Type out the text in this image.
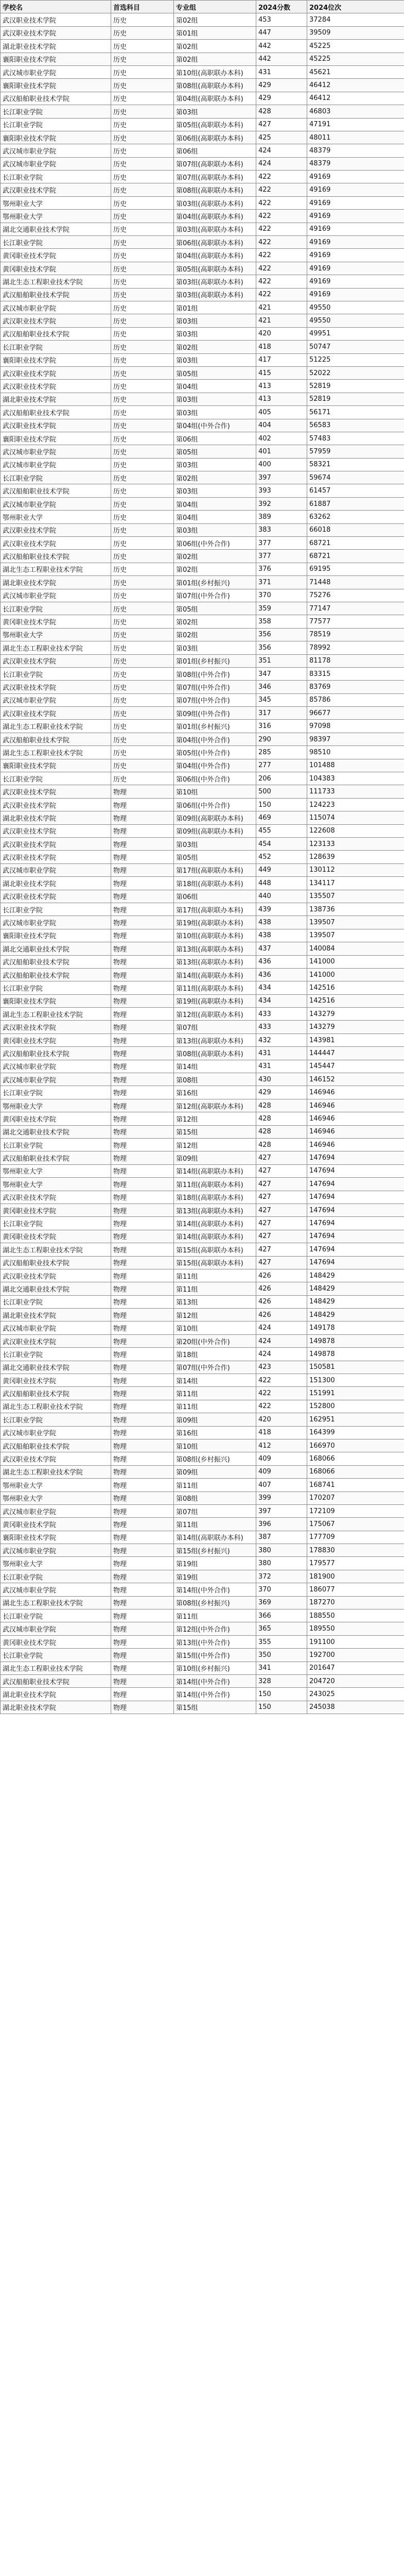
学校名	首选科目	专业组	2024分数	2024位次
武汉职业技术学院	历史	第02组	453	37284
武汉职业技术学院	历史	第01组	447	39509
湖北职业技术学院	历史	第02组	442	45225
襄阳职业技术学院	历史	第02组	442	45225
武汉城市职业学院	历史	第10组(高职联办本科)	431	45621
襄阳职业技术学院	历史	第08组(高职联办本科)	429	46412
武汉船舶职业技术学院	历史	第04组(高职联办本科)	429	46412
长江职业学院	历史	第03组	428	46803
长江职业学院	历史	第05组(高职联办本科)	427	47191
襄阳职业技术学院	历史	第06组(高职联办本科)	425	48011
武汉城市职业学院	历史	第06组	424	48379
武汉城市职业学院	历史	第07组(高职联办本科)	424	48379
长江职业学院	历史	第07组(高职联办本科)	422	49169
武汉职业技术学院	历史	第08组(高职联办本科)	422	49169
鄂州职业大学	历史	第03组(高职联办本科)	422	49169
鄂州职业大学	历史	第04组(高职联办本科)	422	49169
湖北交通职业技术学院	历史	第03组(高职联办本科)	422	49169
长江职业学院	历史	第06组(高职联办本科)	422	49169
黄冈职业技术学院	历史	第04组(高职联办本科)	422	49169
黄冈职业技术学院	历史	第05组(高职联办本科)	422	49169
湖北生态工程职业技术学院	历史	第03组(高职联办本科)	422	49169
武汉船舶职业技术学院	历史	第03组(高职联办本科)	422	49169
武汉城市职业学院	历史	第01组	421	49550
武汉职业技术学院	历史	第03组	421	49550
武汉船舶职业技术学院	历史	第03组	420	49951
长江职业学院	历史	第02组	418	50747
襄阳职业技术学院	历史	第03组	417	51225
武汉职业技术学院	历史	第05组	415	52022
武汉职业技术学院	历史	第04组	413	52819
湖北职业技术学院	历史	第03组	413	52819
武汉船舶职业技术学院	历史	第03组	405	56171
武汉职业技术学院	历史	第04组(中外合作)	404	56583
襄阳职业技术学院	历史	第06组	402	57483
武汉城市职业学院	历史	第05组	401	57959
武汉城市职业学院	历史	第03组	400	58321
长江职业学院	历史	第02组	397	59674
武汉船舶职业技术学院	历史	第03组	393	61457
武汉城市职业学院	历史	第04组	392	61887
鄂州职业大学	历史	第04组	389	63262
武汉职业技术学院	历史	第03组	383	66018
武汉职业技术学院	历史	第06组(中外合作)	377	68721
武汉船舶职业技术学院	历史	第02组	377	68721
湖北生态工程职业技术学院	历史	第02组	376	69195
湖北职业技术学院	历史	第01组(乡村振兴)	371	71448
武汉城市职业学院	历史	第07组(中外合作)	370	75276
长江职业学院	历史	第05组	359	77147
黄冈职业技术学院	历史	第02组	358	77577
鄂州职业大学	历史	第02组	356	78519
湖北生态工程职业技术学院	历史	第03组	356	78992
武汉职业技术学院	历史	第01组(乡村振兴)	351	81178
长江职业学院	历史	第08组(中外合作)	347	83315
武汉职业技术学院	历史	第07组(中外合作)	346	83769
武汉城市职业学院	历史	第07组(中外合作)	345	85786
武汉职业技术学院	历史	第09组(中外合作)	317	96677
湖北生态工程职业技术学院	历史	第01组(乡村振兴)	316	97098
武汉船舶职业技术学院	历史	第04组(中外合作)	290	98397
湖北生态工程职业技术学院	历史	第05组(中外合作)	285	98510
襄阳职业技术学院	历史	第04组(中外合作)	277	101488
长江职业学院	历史	第06组(中外合作)	206	104383
武汉职业技术学院	物理	第10组	500	111733
武汉职业技术学院	物理	第06组(中外合作)	150	124223
湖北职业技术学院	物理	第09组(高职联办本科)	469	115074
武汉职业技术学院	物理	第09组(高职联办本科)	455	122608
武汉职业技术学院	物理	第03组	454	123133
武汉职业技术学院	物理	第05组	452	128639
武汉城市职业学院	物理	第17组(高职联办本科)	449	130112
湖北职业技术学院	物理	第18组(高职联办本科)	448	134117
武汉职业技术学院	物理	第06组	440	135507
长江职业学院	物理	第17组(高职联办本科)	439	138736
武汉城市职业学院	物理	第19组(高职联办本科)	438	139507
襄阳职业技术学院	物理	第10组(高职联办本科)	438	139507
湖北交通职业技术学院	物理	第13组(高职联办本科)	437	140084
武汉船舶职业技术学院	物理	第13组(高职联办本科)	436	141000
武汉船舶职业技术学院	物理	第14组(高职联办本科)	436	141000
长江职业学院	物理	第11组(高职联办本科)	434	142516
襄阳职业技术学院	物理	第19组(高职联办本科)	434	142516
湖北生态工程职业技术学院	物理	第12组(高职联办本科)	433	143279
武汉职业技术学院	物理	第07组	433	143279
黄冈职业技术学院	物理	第13组(高职联办本科)	432	143981
武汉船舶职业技术学院	物理	第08组(高职联办本科)	431	144447
武汉城市职业学院	物理	第14组	431	145447
武汉城市职业学院	物理	第08组	430	146152
长江职业学院	物理	第16组	429	146946
鄂州职业大学	物理	第12组(高职联办本科)	428	146946
黄冈职业技术学院	物理	第12组	428	146946
湖北交通职业技术学院	物理	第15组	428	146946
长江职业学院	物理	第12组	428	146946
武汉船舶职业技术学院	物理	第09组	427	147694
鄂州职业大学	物理	第14组(高职联办本科)	427	147694
鄂州职业大学	物理	第11组(高职联办本科)	427	147694
武汉职业技术学院	物理	第18组(高职联办本科)	427	147694
黄冈职业技术学院	物理	第13组(高职联办本科)	427	147694
长江职业学院	物理	第14组(高职联办本科)	427	147694
黄冈职业技术学院	物理	第14组(高职联办本科)	427	147694
湖北生态工程职业技术学院	物理	第15组(高职联办本科)	427	147694
武汉船舶职业技术学院	物理	第15组(高职联办本科)	427	147694
武汉职业技术学院	物理	第11组	426	148429
湖北交通职业技术学院	物理	第11组	426	148429
长江职业学院	物理	第13组	426	148429
湖北职业技术学院	物理	第12组	426	148429
武汉城市职业学院	物理	第10组	424	149178
武汉职业技术学院	物理	第20组(中外合作)	424	149878
长江职业学院	物理	第18组	424	149878
湖北交通职业技术学院	物理	第07组(中外合作)	423	150581
黄冈职业技术学院	物理	第14组	422	151300
武汉船舶职业技术学院	物理	第11组	422	151991
湖北生态工程职业技术学院	物理	第11组	422	152800
长江职业学院	物理	第09组	420	162951
武汉城市职业学院	物理	第16组	418	164399
武汉船舶职业技术学院	物理	第10组	412	166970
武汉职业技术学院	物理	第08组(乡村振兴)	409	168066
湖北生态工程职业技术学院	物理	第09组	409	168066
鄂州职业大学	物理	第11组	407	168741
鄂州职业大学	物理	第08组	399	170207
武汉城市职业学院	物理	第07组	397	172109
黄冈职业技术学院	物理	第11组	396	175067
襄阳职业技术学院	物理	第14组(高职联办本科)	387	177709
武汉城市职业学院	物理	第15组(乡村振兴)	380	178830
鄂州职业大学	物理	第19组	380	179577
长江职业学院	物理	第19组	372	181900
武汉城市职业学院	物理	第14组(中外合作)	370	186077
湖北生态工程职业技术学院	物理	第08组(乡村振兴)	369	187270
长江职业学院	物理	第11组	366	188550
武汉城市职业学院	物理	第12组(中外合作)	365	189550
黄冈职业技术学院	物理	第13组(中外合作)	355	191100
长江职业学院	物理	第15组(中外合作)	350	192700
湖北生态工程职业技术学院	物理	第10组(乡村振兴)	341	201647
武汉船舶职业技术学院	物理	第14组(中外合作)	328	204720
湖北职业技术学院	物理	第14组(中外合作)	150	243025
湖北职业技术学院	物理	第15组	150	245038
